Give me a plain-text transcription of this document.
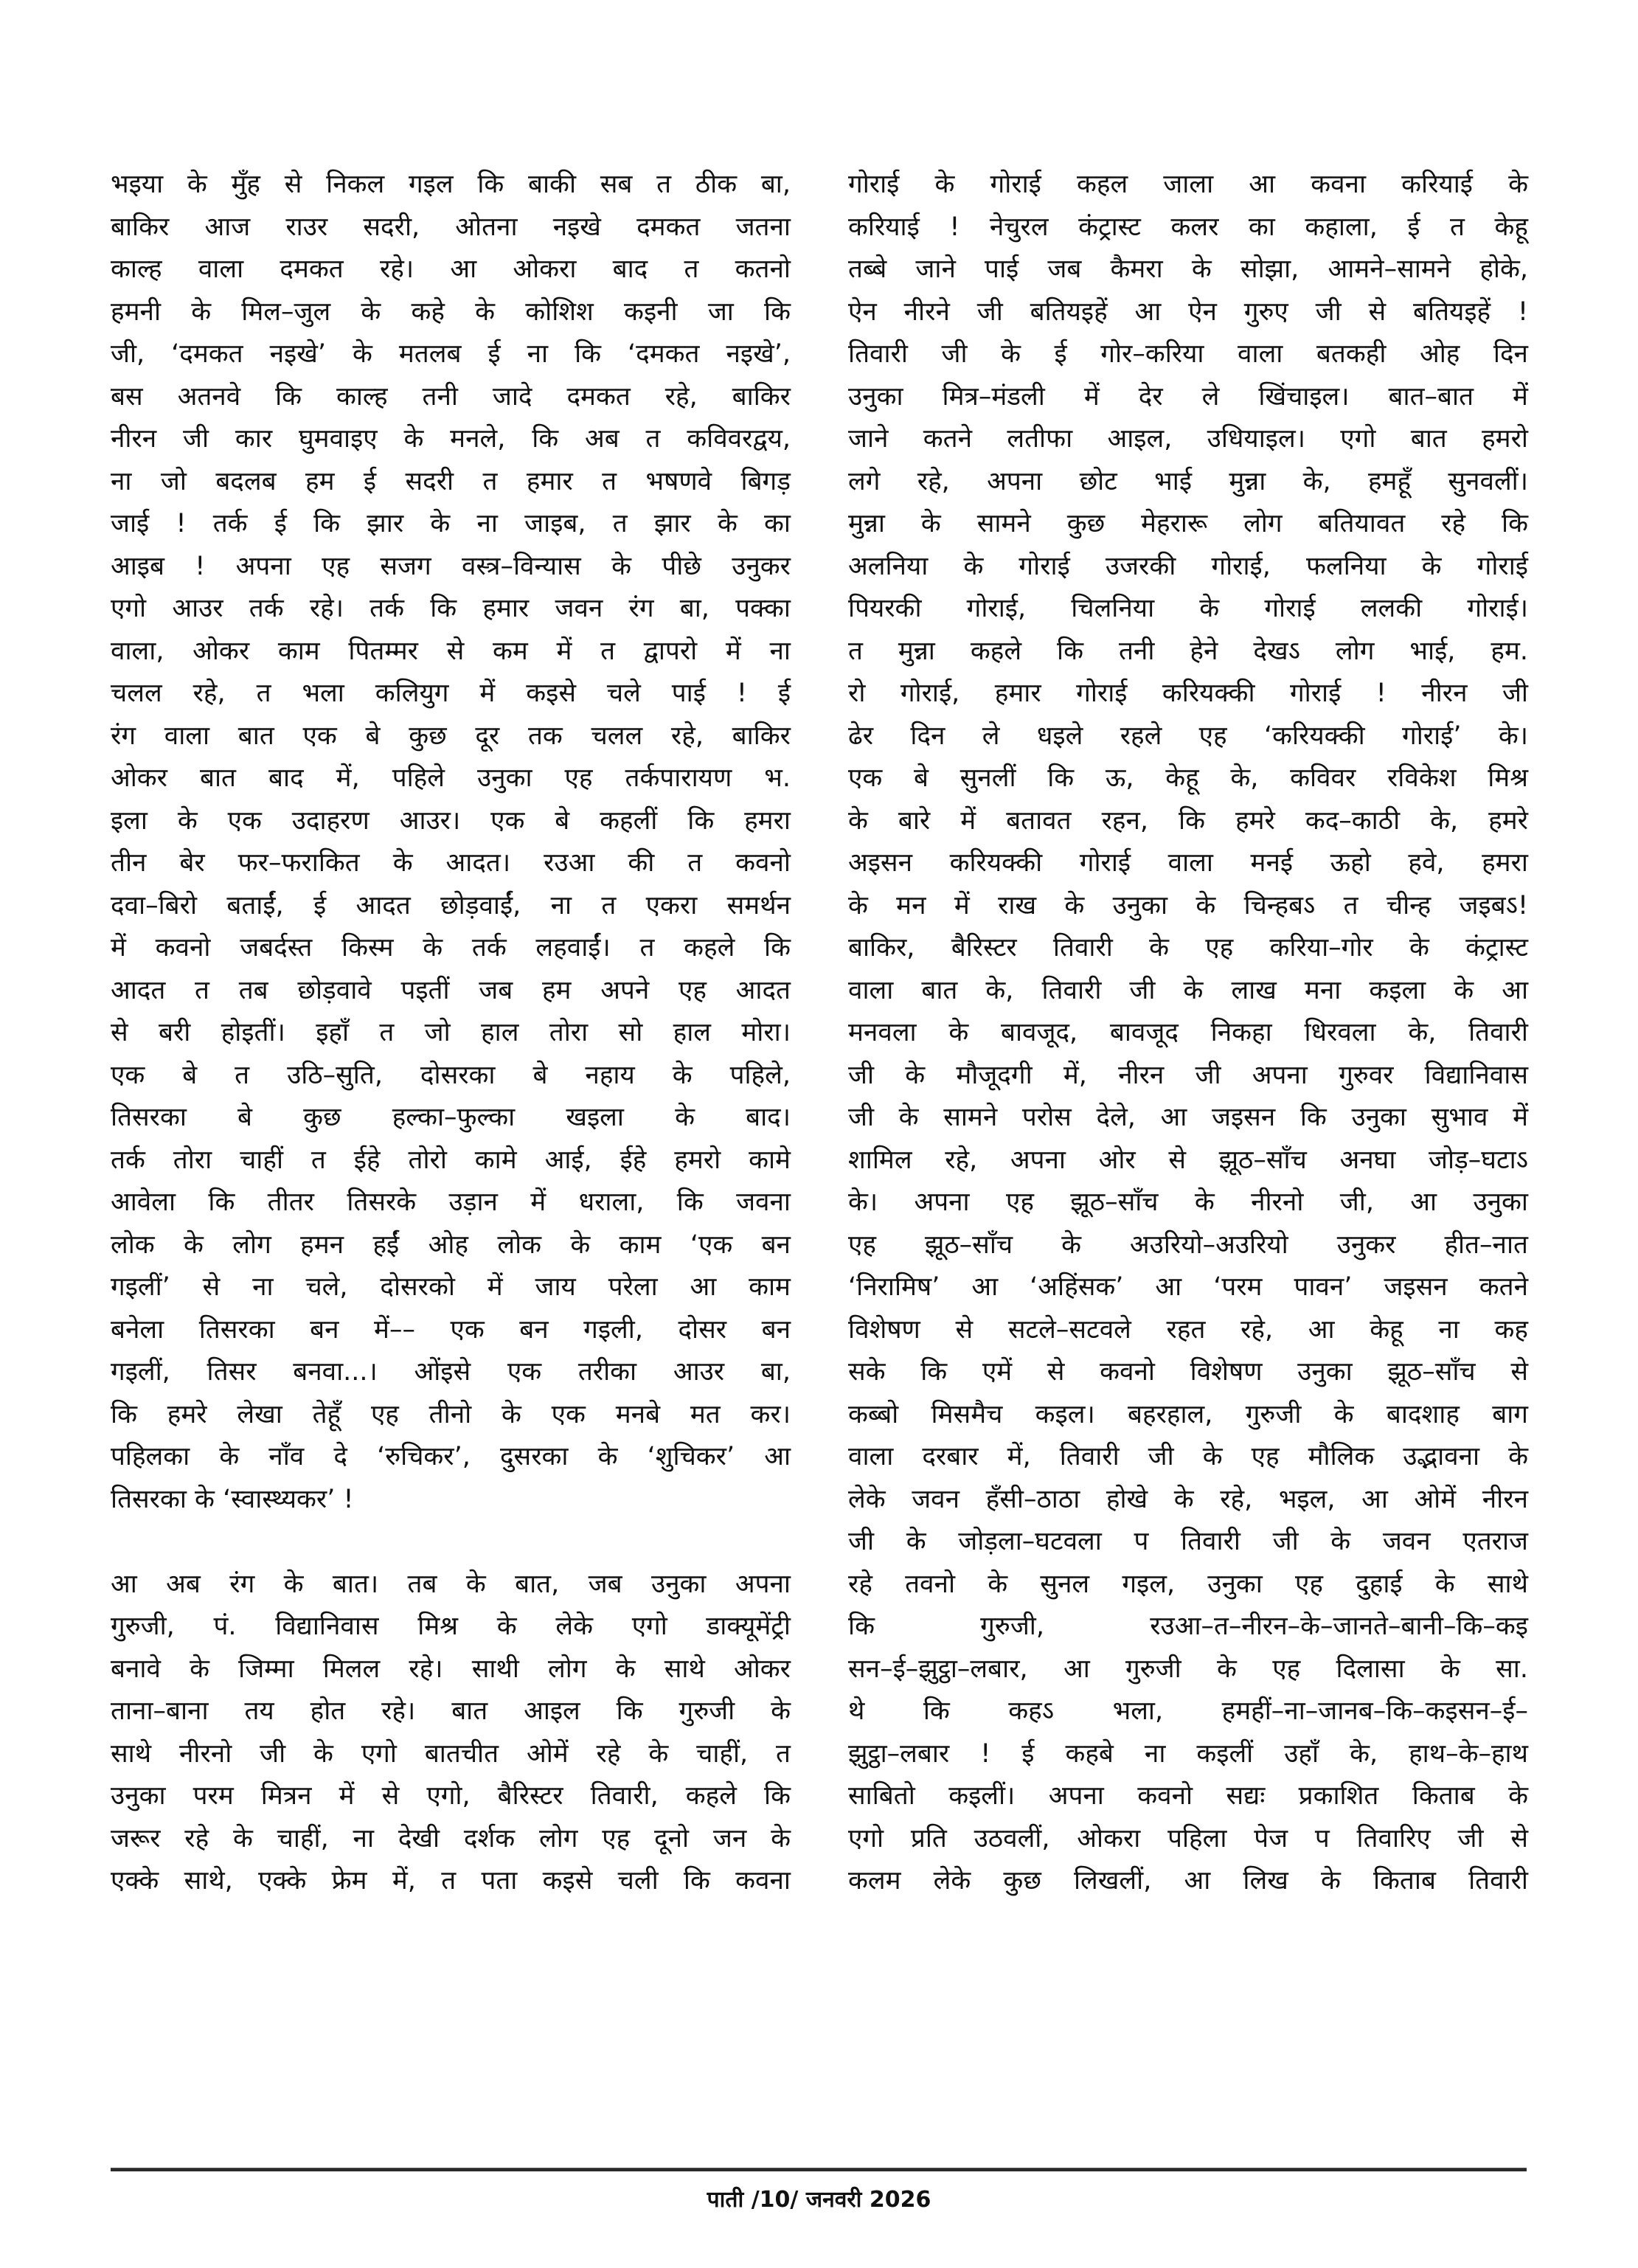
भइया के मुँह से निकल गइल कि बाकी सब त ठीक बा,
बाकिर आज राउर सदरी, ओतना नइखे दमकत जतना
काल्ह वाला दमकत रहे। आ ओकरा बाद त कतनो
हमनी के मिल–जुल के कहे के कोशिश कइनी जा कि
जी, ‘दमकत नइखे’ के मतलब ई ना कि ‘दमकत नइखे’,
बस अतनवे कि काल्ह तनी जादे दमकत रहे, बाकिर
नीरन जी कार घुमवाइए के मनले, कि अब त कविवरद्वय,
ना जो बदलब हम ई सदरी त हमार त भषणवे बिगड़
जाई ! तर्क ई कि झार के ना जाइब, त झार के का
आइब ! अपना एह सजग वस्त्र–विन्यास के पीछे उनुकर
एगो आउर तर्क रहे। तर्क कि हमार जवन रंग बा, पक्का
वाला, ओकर काम पितम्मर से कम में त द्वापरो में ना
चलल रहे, त भला कलियुग में कइसे चले पाई ! ई
रंग वाला बात एक बे कुछ दूर तक चलल रहे, बाकिर
ओकर बात बाद में, पहिले उनुका एह तर्कपारायण भ.
इला के एक उदाहरण आउर। एक बे कहलीं कि हमरा
तीन बेर फर–फराकित के आदत। रउआ की त कवनो
दवा–बिरो बताईं, ई आदत छोड़वाईं, ना त एकरा समर्थन
में कवनो जबर्दस्त किस्म के तर्क लहवाईं। त कहले कि
आदत त तब छोड़वावे पइतीं जब हम अपने एह आदत
से बरी होइतीं। इहाँ त जो हाल तोरा सो हाल मोरा।
एक बे त उठि–सुति, दोसरका बे नहाय के पहिले,
तिसरका बे कुछ हल्का–फुल्का खइला के बाद।
तर्क तोरा चाहीं त ईहे तोरो कामे आई, ईहे हमरो कामे
आवेला कि तीतर तिसरके उड़ान में धराला, कि जवना
लोक के लोग हमन हईं ओह लोक के काम ‘एक बन
गइलीं’ से ना चले, दोसरको में जाय परेला आ काम
बनेला तिसरका बन में–– एक बन गइली, दोसर बन
गइलीं, तिसर बनवा...। ओंइसे एक तरीका आउर बा,
कि हमरे लेखा तेहूँ एह तीनो के एक मनबे मत कर।
पहिलका के नाँव दे ‘रुचिकर’, दुसरका के ‘शुचिकर’ आ
तिसरका के ‘स्वास्थ्यकर’ !
आ अब रंग के बात। तब के बात, जब उनुका अपना
गुरुजी, पं. विद्यानिवास मिश्र के लेके एगो डाक्यूमेंट्री
बनावे के जिम्मा मिलल रहे। साथी लोग के साथे ओकर
ताना–बाना तय होत रहे। बात आइल कि गुरुजी के
साथे नीरनो जी के एगो बातचीत ओमें रहे के चाहीं, त
उनुका परम मित्रन में से एगो, बैरिस्टर तिवारी, कहले कि
जरूर रहे के चाहीं, ना देखी दर्शक लोग एह दूनो जन के
एक्के साथे, एक्के फ्रेम में, त पता कइसे चली कि कवना
गोराई के गोराई कहल जाला आ कवना करियाई के
करियाई ! नेचुरल कंट्रास्ट कलर का कहाला, ई त केहू
तब्बे जाने पाई जब कैमरा के सोझा, आमने–सामने होके,
ऐन नीरने जी बतियइहें आ ऐन गुरुए जी से बतियइहें !
तिवारी जी के ई गोर–करिया वाला बतकही ओह दिन
उनुका मित्र–मंडली में देर ले खिंचाइल। बात–बात में
जाने कतने लतीफा आइल, उधियाइल। एगो बात हमरो
लगे रहे, अपना छोट भाई मुन्ना के, हमहूँ सुनवलीं।
मुन्ना के सामने कुछ मेहरारू लोग बतियावत रहे कि
अलनिया के गोराई उजरकी गोराई, फलनिया के गोराई
पियरकी गोराई, चिलनिया के गोराई ललकी गोराई।
त मुन्ना कहले कि तनी हेने देखऽ लोग भाई, हम.
रो गोराई, हमार गोराई करियक्की गोराई ! नीरन जी
ढेर दिन ले धइले रहले एह ‘करियक्की गोराई’ के।
एक बे सुनलीं कि ऊ, केहू के, कविवर रविकेश मिश्र
के बारे में बतावत रहन, कि हमरे कद–काठी के, हमरे
अइसन करियक्की गोराई वाला मनई ऊहो हवे, हमरा
के मन में राख के उनुका के चिन्हबऽ त चीन्ह जइबऽ!
बाकिर, बैरिस्टर तिवारी के एह करिया–गोर के कंट्रास्ट
वाला बात के, तिवारी जी के लाख मना कइला के आ
मनवला के बावजूद, बावजूद निकहा धिरवला के, तिवारी
जी के मौजूदगी में, नीरन जी अपना गुरुवर विद्यानिवास
जी के सामने परोस देले, आ जइसन कि उनुका सुभाव में
शामिल रहे, अपना ओर से झूठ–साँच अनघा जोड़–घटाऽ
के। अपना एह झूठ–साँच के नीरनो जी, आ उनुका
एह झूठ–साँच के अउरियो–अउरियो उनुकर हीत–नात
‘निरामिष’ आ ‘अहिंसक’ आ ‘परम पावन’ जइसन कतने
विशेषण से सटले–सटवले रहत रहे, आ केहू ना कह
सके कि एमें से कवनो विशेषण उनुका झूठ–साँच से
कब्बो मिसमैच कइल। बहरहाल, गुरुजी के बादशाह बाग
वाला दरबार में, तिवारी जी के एह मौलिक उद्भावना के
लेके जवन हँसी–ठाठा होखे के रहे, भइल, आ ओमें नीरन
जी के जोड़ला–घटवला प तिवारी जी के जवन एतराज
रहे तवनो के सुनल गइल, उनुका एह दुहाई के साथे
कि गुरुजी, रउआ–त–नीरन–के–जानते–बानी–कि–कइ
सन–ई–झुट्ठा–लबार, आ गुरुजी के एह दिलासा के सा.
थे कि कहऽ भला, हमहीं–ना–जानब–कि–कइसन–ई–
झुट्ठा–लबार ! ई कहबे ना कइलीं उहाँ के, हाथ–के–हाथ
साबितो कइलीं। अपना कवनो सद्यः प्रकाशित किताब के
एगो प्रति उठवलीं, ओकरा पहिला पेज प तिवारिए जी से
कलम लेके कुछ लिखलीं, आ लिख के किताब तिवारी
पाती /10/ जनवरी 2026
